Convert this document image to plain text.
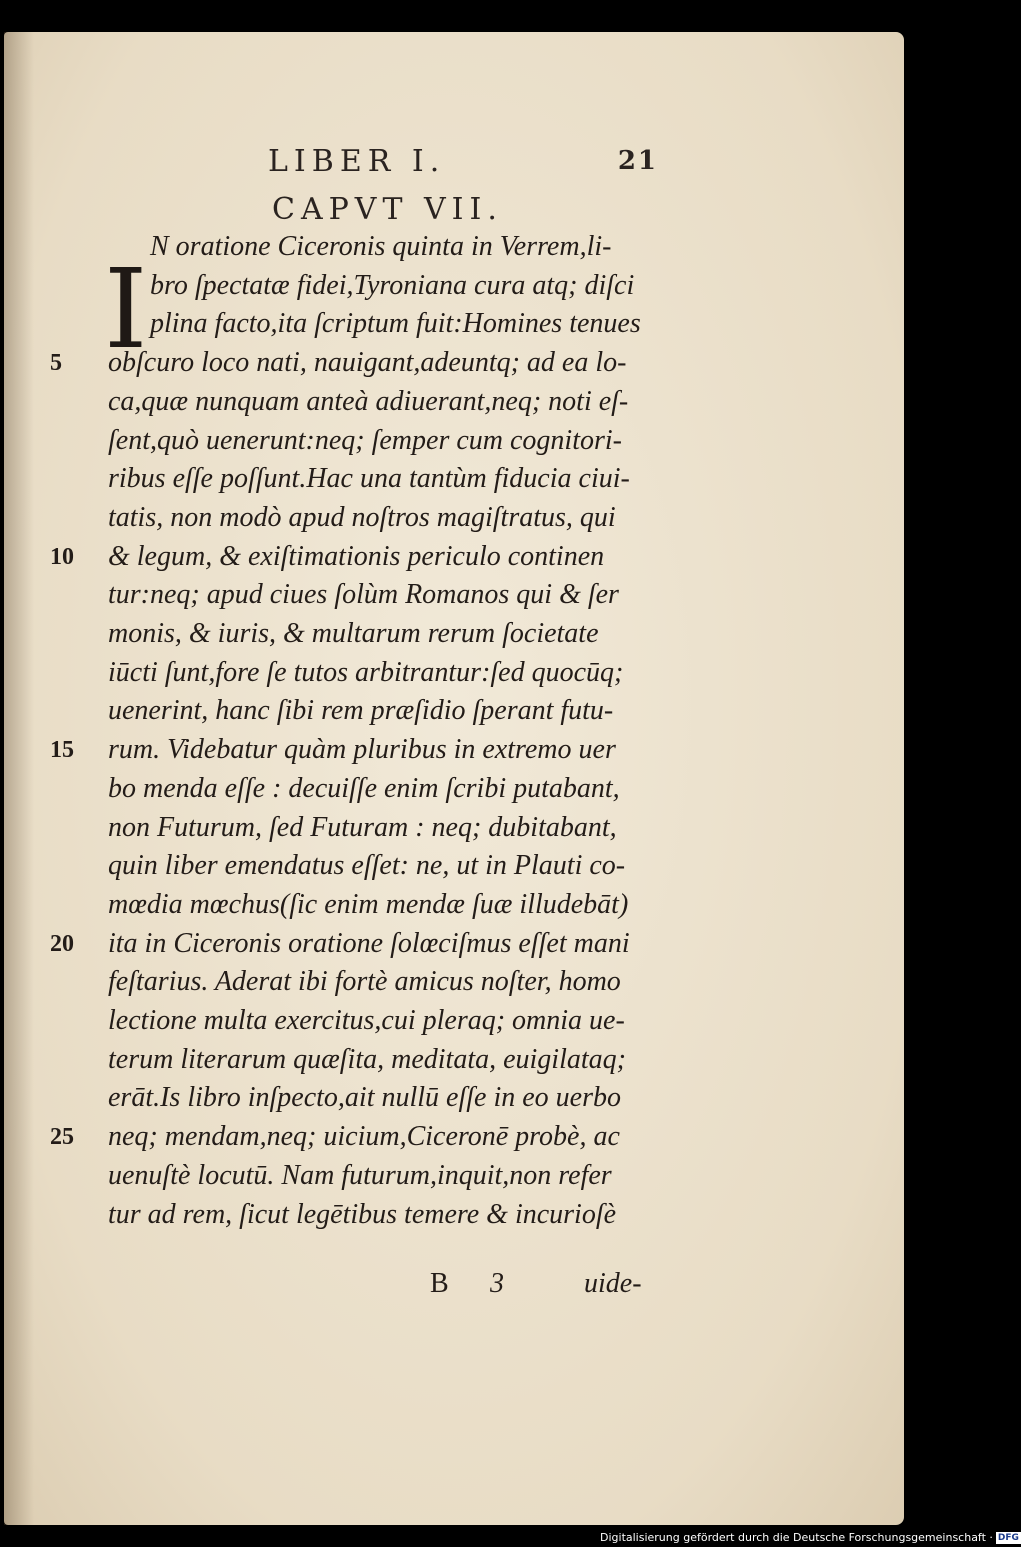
LIBER I.	21
CAPVT VII.
I N oratione Ciceronis quinta in Verrem,li-
bro ſpectatæ fidei,Tyroniana cura atq; diſci
plina facto,ita ſcriptum fuit:Homines tenues
obſcuro loco nati, nauigant,adeuntq; ad ea lo-
5
ca,quæ nunquam anteà adiuerant,neq; noti eſ-
ſent,quò uenerunt:neq; ſemper cum cognitori-
ribus eſſe poſſunt.Hac una tantùm fiducia ciui-
tatis, non modò apud noſtros magiſtratus, qui
& legum, & exiſtimationis periculo continen
10
tur:neq; apud ciues ſolùm Romanos qui & ſer
monis, & iuris, & multarum rerum ſocietate
iūcti ſunt,fore ſe tutos arbitrantur:ſed quocūq;
uenerint, hanc ſibi rem præſidio ſperant futu-
rum. Videbatur quàm pluribus in extremo uer
15
bo menda eſſe : decuiſſe enim ſcribi putabant,
non Futurum, ſed Futuram : neq; dubitabant,
quin liber emendatus eſſet: ne, ut in Plauti co-
mœdia mœchus(ſic enim mendæ ſuæ illudebāt)
ita in Ciceronis oratione ſolœciſmus eſſet mani
20
feſtarius. Aderat ibi fortè amicus noſter, homo
lectione multa exercitus,cui pleraq; omnia ue-
terum literarum quæſita, meditata, euigilataq;
erāt.Is libro inſpecto,ait nullū eſſe in eo uerbo
neq; mendam,neq; uicium,Ciceronē probè, ac
25
uenuſtè locutū. Nam futurum,inquit,non refer
tur ad rem, ſicut legētibus temere & incurioſè
B 3	uide-
Digitalisierung gefördert durch die Deutsche Forschungsgemeinschaft · DFG
